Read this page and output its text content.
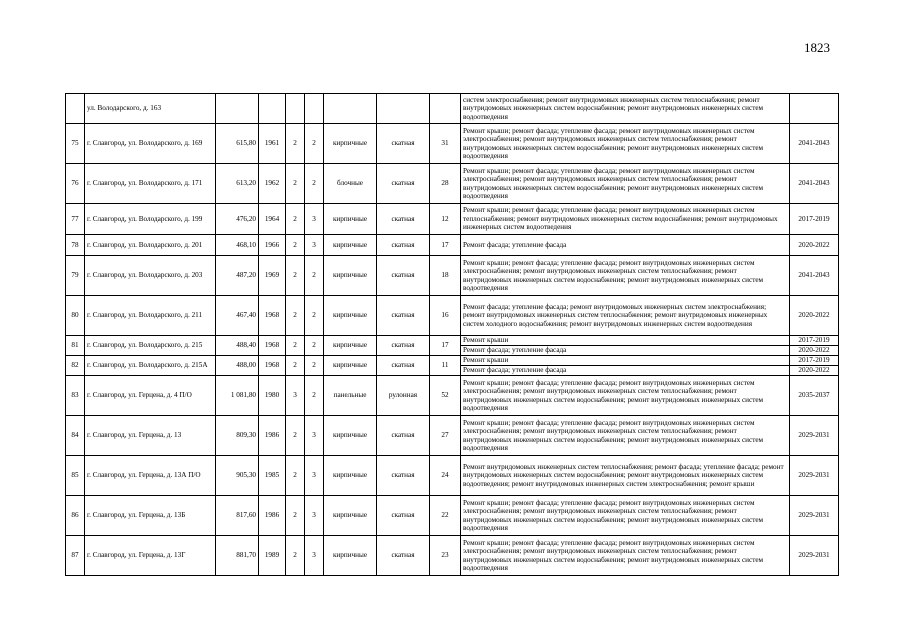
1823
	ул. Володарского, д. 163								систем электроснабжения; ремонт внутридомовых инженерных систем теплоснабжения; ремонт внутридомовых инженерных систем водоснабжения; ремонт внутридомовых инженерных систем водоотведения	
75	г. Славгород, ул. Володарского, д. 169	615,80	1961	2	2	кирпичные	скатная	31	Ремонт крыши; ремонт фасада; утепление фасада; ремонт внутридомовых инженерных систем электроснабжения; ремонт внутридомовых инженерных систем теплоснабжения; ремонт внутридомовых инженерных систем водоснабжения; ремонт внутридомовых инженерных систем водоотведения	2041-2043
76	г. Славгород, ул. Володарского, д. 171	613,20	1962	2	2	блочные	скатная	28	Ремонт крыши; ремонт фасада; утепление фасада; ремонт внутридомовых инженерных систем электроснабжения; ремонт внутридомовых инженерных систем теплоснабжения; ремонт внутридомовых инженерных систем водоснабжения; ремонт внутридомовых инженерных систем водоотведения	2041-2043
77	г. Славгород, ул. Володарского, д. 199	476,20	1964	2	3	кирпичные	скатная	12	Ремонт крыши; ремонт фасада; утепление фасада; ремонт внутридомовых инженерных систем теплоснабжения; ремонт внутридомовых инженерных систем водоснабжения; ремонт внутридомовых инженерных систем водоотведения	2017-2019
78	г. Славгород, ул. Володарского, д. 201	468,10	1966	2	3	кирпичные	скатная	17	Ремонт фасада; утепление фасада	2020-2022
79	г. Славгород, ул. Володарского, д. 203	487,20	1969	2	2	кирпичные	скатная	18	Ремонт крыши; ремонт фасада; утепление фасада; ремонт внутридомовых инженерных систем электроснабжения; ремонт внутридомовых инженерных систем теплоснабжения; ремонт внутридомовых инженерных систем водоснабжения; ремонт внутридомовых инженерных систем водоотведения	2041-2043
80	г. Славгород, ул. Володарского, д. 211	467,40	1968	2	2	кирпичные	скатная	16	Ремонт фасада; утепление фасада; ремонт внутридомовых инженерных систем электроснабжения; ремонт внутридомовых инженерных систем теплоснабжения; ремонт внутридомовых инженерных систем холодного водоснабжения; ремонт внутридомовых инженерных систем водоотведения	2020-2022
81	г. Славгород, ул. Володарского, д. 215	488,40	1968	2	2	кирпичные	скатная	17	Ремонт крыши	2017-2019
									Ремонт фасада; утепление фасада	2020-2022
82	г. Славгород, ул. Володарского, д. 215А	488,00	1968	2	2	кирпичные	скатная	11	Ремонт крыши	2017-2019
									Ремонт фасада; утепление фасада	2020-2022
83	г. Славгород, ул. Герцена, д. 4 П/О	1 081,80	1980	3	2	панельные	рулонная	52	Ремонт крыши; ремонт фасада; утепление фасада; ремонт внутридомовых инженерных систем электроснабжения; ремонт внутридомовых инженерных систем теплоснабжения; ремонт внутридомовых инженерных систем водоснабжения; ремонт внутридомовых инженерных систем водоотведения	2035-2037
84	г. Славгород, ул. Герцена, д. 13	809,30	1986	2	3	кирпичные	скатная	27	Ремонт крыши; ремонт фасада; утепление фасада; ремонт внутридомовых инженерных систем электроснабжения; ремонт внутридомовых инженерных систем теплоснабжения; ремонт внутридомовых инженерных систем водоснабжения; ремонт внутридомовых инженерных систем водоотведения	2029-2031
85	г. Славгород, ул. Герцена, д. 13А П/О	905,30	1985	2	3	кирпичные	скатная	24	Ремонт внутридомовых инженерных систем теплоснабжения; ремонт фасада; утепление фасада; ремонт внутридомовых инженерных систем водоснабжения; ремонт внутридомовых инженерных систем водоотведения; ремонт внутридомовых инженерных систем электроснабжения; ремонт крыши	2029-2031
86	г. Славгород, ул. Герцена, д. 13Б	817,60	1986	2	3	кирпичные	скатная	22	Ремонт крыши; ремонт фасада; утепление фасада; ремонт внутридомовых инженерных систем электроснабжения; ремонт внутридомовых инженерных систем теплоснабжения; ремонт внутридомовых инженерных систем водоснабжения; ремонт внутридомовых инженерных систем водоотведения	2029-2031
87	г. Славгород, ул. Герцена, д. 13Г	881,70	1989	2	3	кирпичные	скатная	23	Ремонт крыши; ремонт фасада; утепление фасада; ремонт внутридомовых инженерных систем электроснабжения; ремонт внутридомовых инженерных систем теплоснабжения; ремонт внутридомовых инженерных систем водоснабжения; ремонт внутридомовых инженерных систем водоотведения	2029-2031
